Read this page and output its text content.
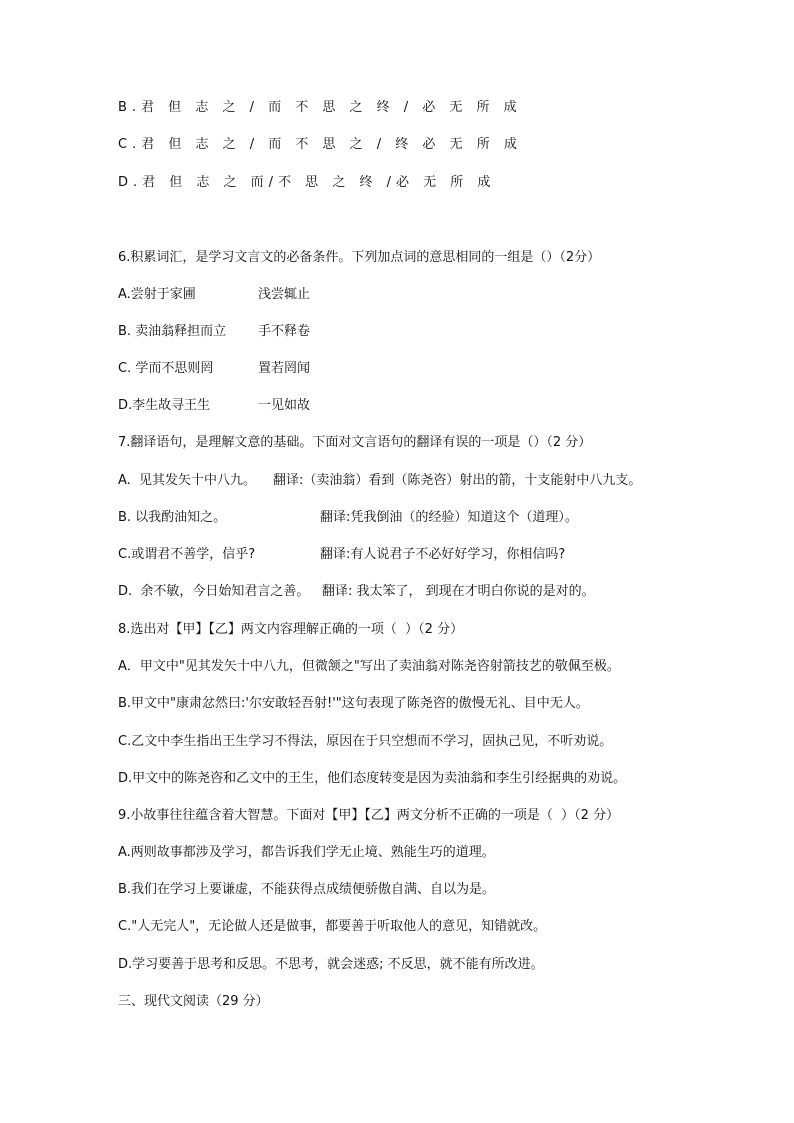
B.君 但 志 之 / 而 不 思 之 终 / 必 无 所 成
C.君 但 志 之 / 而 不 思 之 / 终 必 无 所 成
D.君 但 志 之 而/不 思 之 终 /必 无 所 成
6.积累词汇，是学习文言文的必备条件。下列加点词的意思相同的一组是（）（2分）
A.尝射于家圃	浅尝辄止
B. 卖油翁释担而立 手不释卷
C. 学而不思则罔	置若罔闻
D.李生故寻王生	一见如故
7.翻译语句，是理解文意的基础。下面对文言语句的翻译有误的一项是（）（2 分）
A.  见其发矢十中八九。 翻译:（卖油翁）看到（陈尧咨）射出的箭，十支能射中八九支。
B. 以我酌油知之。	翻译:凭我倒油（的经验）知道这个（道理）。
C.或谓君不善学，信乎?	翻译:有人说君子不必好好学习，你相信吗?
D.  余不敏，今日始知君言之善。 翻译: 我太笨了， 到现在才明白你说的是对的。
8.选出对【甲】【乙】两文内容理解正确的一项（  ）（2 分）
A．甲文中"见其发矢十中八九，但微颔之"写出了卖油翁对陈尧咨射箭技艺的敬佩至极。
B.甲文中"康肃忿然曰:'尔安敢轻吾射!'"这句表现了陈尧咨的傲慢无礼、目中无人。
C.乙文中李生指出王生学习不得法，原因在于只空想而不学习，固执己见，不听劝说。
D.甲文中的陈尧咨和乙文中的王生，他们态度转变是因为卖油翁和李生引经据典的劝说。
9.小故事往往蕴含着大智慧。下面对【甲】【乙】两文分析不正确的一项是（  ）（2 分）
A.两则故事都涉及学习，都告诉我们学无止境、熟能生巧的道理。
B.我们在学习上要谦虚，不能获得点成绩便骄傲自满、自以为是。
C."人无完人"，无论做人还是做事，都要善于听取他人的意见，知错就改。
D.学习要善于思考和反思。不思考，就会迷惑; 不反思，就不能有所改进。
三、现代文阅读（29 分）
